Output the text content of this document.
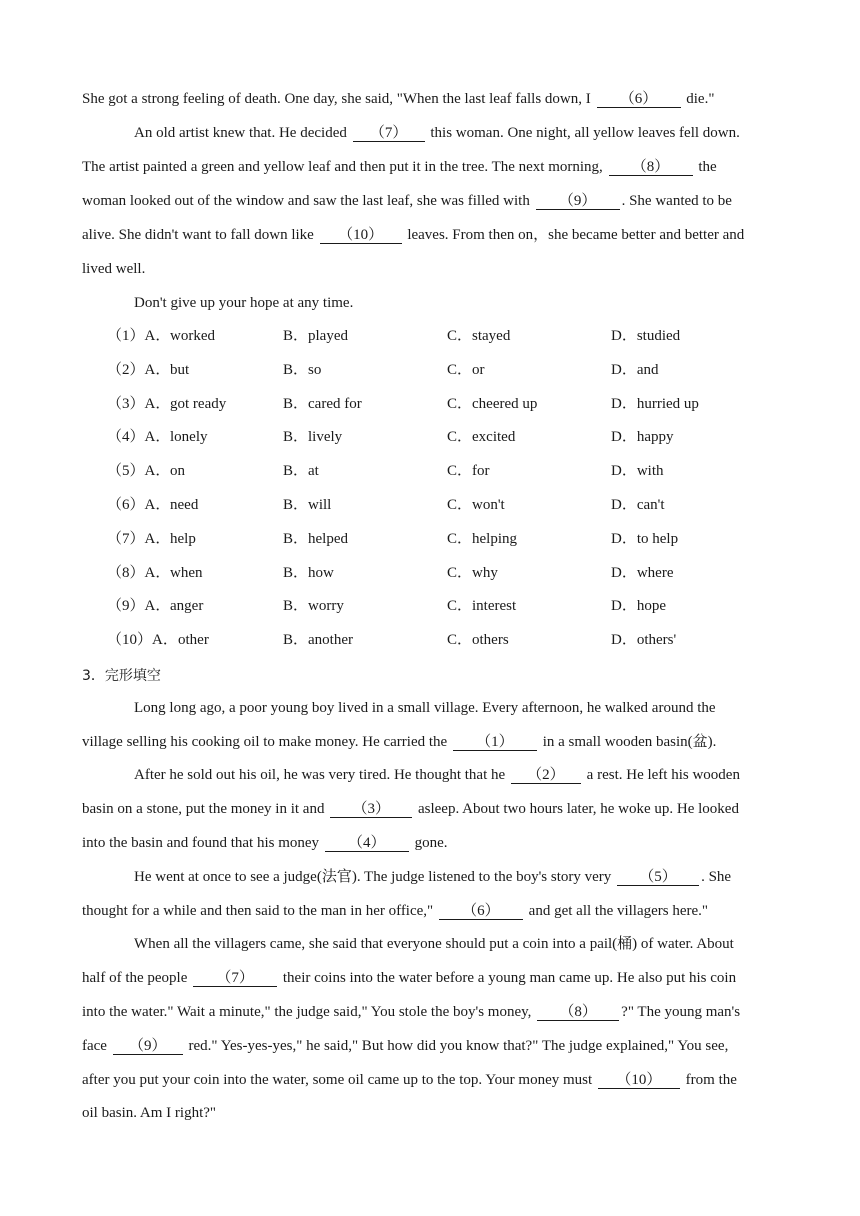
She got a strong feeling of death. One day, she said, "When the last leaf falls down, I （6） die."
An old artist knew that. He decided （7） this woman. One night, all yellow leaves fell down.
The artist painted a green and yellow leaf and then put it in the tree. The next morning, （8） the
woman looked out of the window and saw the last leaf, she was filled with （9） . She wanted to be
alive. She didn't want to fall down like （10） leaves. From then on，she became better and better and
lived well.
Don't give up your hope at any time.
（1）A． worked	B．played	C．stayed	D．studied
（2）A． but	B．so	C．or	D．and
（3）A． got ready	B．cared for	C．cheered up	D．hurried up
（4）A． lonely	B．lively	C．excited	D．happy
（5）A． on	B．at	C．for	D．with
（6）A． need	B．will	C．won't	D．can't
（7）A． help	B．helped	C．helping	D．to help
（8）A． when	B．how	C．why	D．where
（9）A． anger	B．worry	C．interest	D．hope
（10）A． other	B．another	C．others	D．others'
3．完形填空
Long long ago, a poor young boy lived in a small village. Every afternoon, he walked around the
village selling his cooking oil to make money. He carried the （1） in a small wooden basin(盆).
After he sold out his oil, he was very tired. He thought that he （2） a rest. He left his wooden
basin on a stone, put the money in it and （3） asleep. About two hours later, he woke up. He looked
into the basin and found that his money （4） gone.
He went at once to see a judge(法官). The judge listened to the boy's story very （5） . She
thought for a while and then said to the man in her office," （6） and get all the villagers here."
When all the villagers came, she said that everyone should put a coin into a pail(桶) of water. About
half of the people （7） their coins into the water before a young man came up. He also put his coin
into the water." Wait a minute," the judge said," You stole the boy's money, （8） ?" The young man's
face （9） red." Yes-yes-yes," he said," But how did you know that?" The judge explained," You see,
after you put your coin into the water, some oil came up to the top. Your money must （10） from the
oil basin. Am I right?"
